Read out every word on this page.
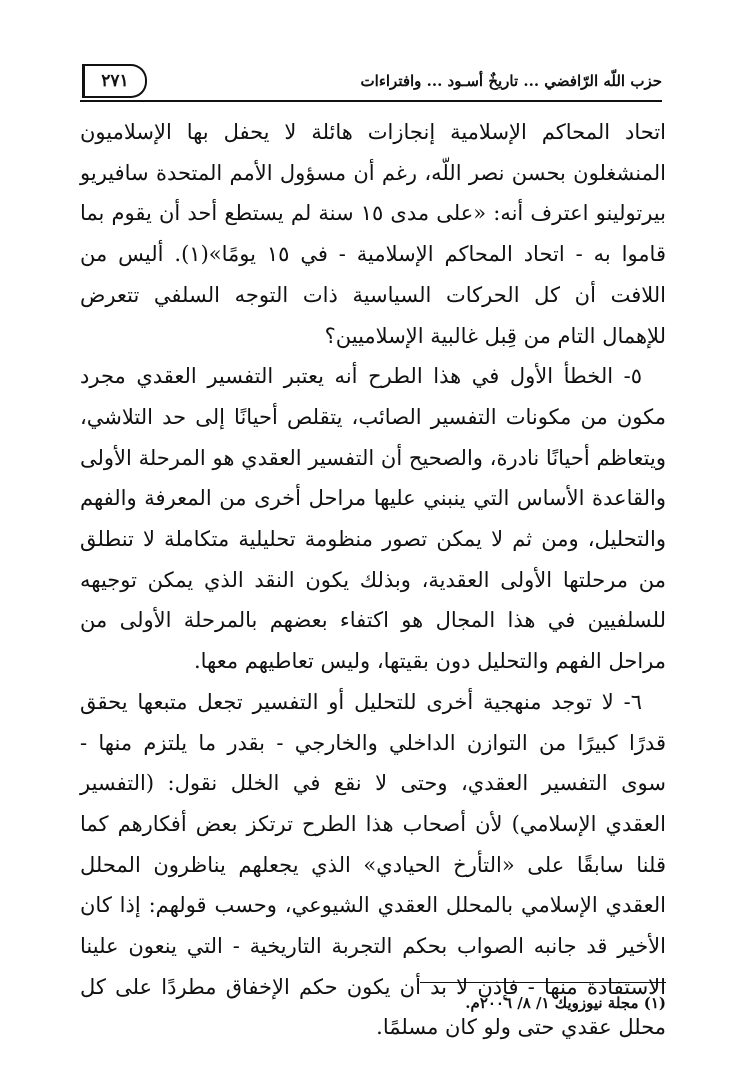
حزب اللّه الرّافضي ... تاريخٌ أسـود ... وافتراءات
٢٧١

اتحاد المحاكم الإسلامية إنجازات هائلة لا يحفل بها الإسلاميون المنشغلون بحسن نصر اللّه، رغم أن مسؤول الأمم المتحدة سافيريو بيرتولينو اعترف أنه: «على مدى ١٥ سنة لم يستطع أحد أن يقوم بما قاموا به - اتحاد المحاكم الإسلامية - في ١٥ يومًا»(١). أليس من اللافت أن كل الحركات السياسية ذات التوجه السلفي تتعرض للإهمال التام من قِبل غالبية الإسلاميين؟

٥- الخطأ الأول في هذا الطرح أنه يعتبر التفسير العقدي مجرد مكون من مكونات التفسير الصائب، يتقلص أحيانًا إلى حد التلاشي، ويتعاظم أحيانًا نادرة، والصحيح أن التفسير العقدي هو المرحلة الأولى والقاعدة الأساس التي ينبني عليها مراحل أخرى من المعرفة والفهم والتحليل، ومن ثم لا يمكن تصور منظومة تحليلية متكاملة لا تنطلق من مرحلتها الأولى العقدية، وبذلك يكون النقد الذي يمكن توجيهه للسلفيين في هذا المجال هو اكتفاء بعضهم بالمرحلة الأولى من مراحل الفهم والتحليل دون بقيتها، وليس تعاطيهم معها.

٦- لا توجد منهجية أخرى للتحليل أو التفسير تجعل متبعها يحقق قدرًا كبيرًا من التوازن الداخلي والخارجي - بقدر ما يلتزم منها - سوى التفسير العقدي، وحتى لا نقع في الخلل نقول: (التفسير العقدي الإسلامي) لأن أصحاب هذا الطرح ترتكز بعض أفكارهم كما قلنا سابقًا على «التأرخ الحيادي» الذي يجعلهم يناظرون المحلل العقدي الإسلامي بالمحلل العقدي الشيوعي، وحسب قولهم: إذا كان الأخير قد جانبه الصواب بحكم التجربة التاريخية - التي ينعون علينا الاستفادة منها - فإذن لا بد أن يكون حكم الإخفاق مطردًا على كل محلل عقدي حتى ولو كان مسلمًا.

(١) مجلة نيوزويك ١/ ٨/ ٢٠٠٦م.
